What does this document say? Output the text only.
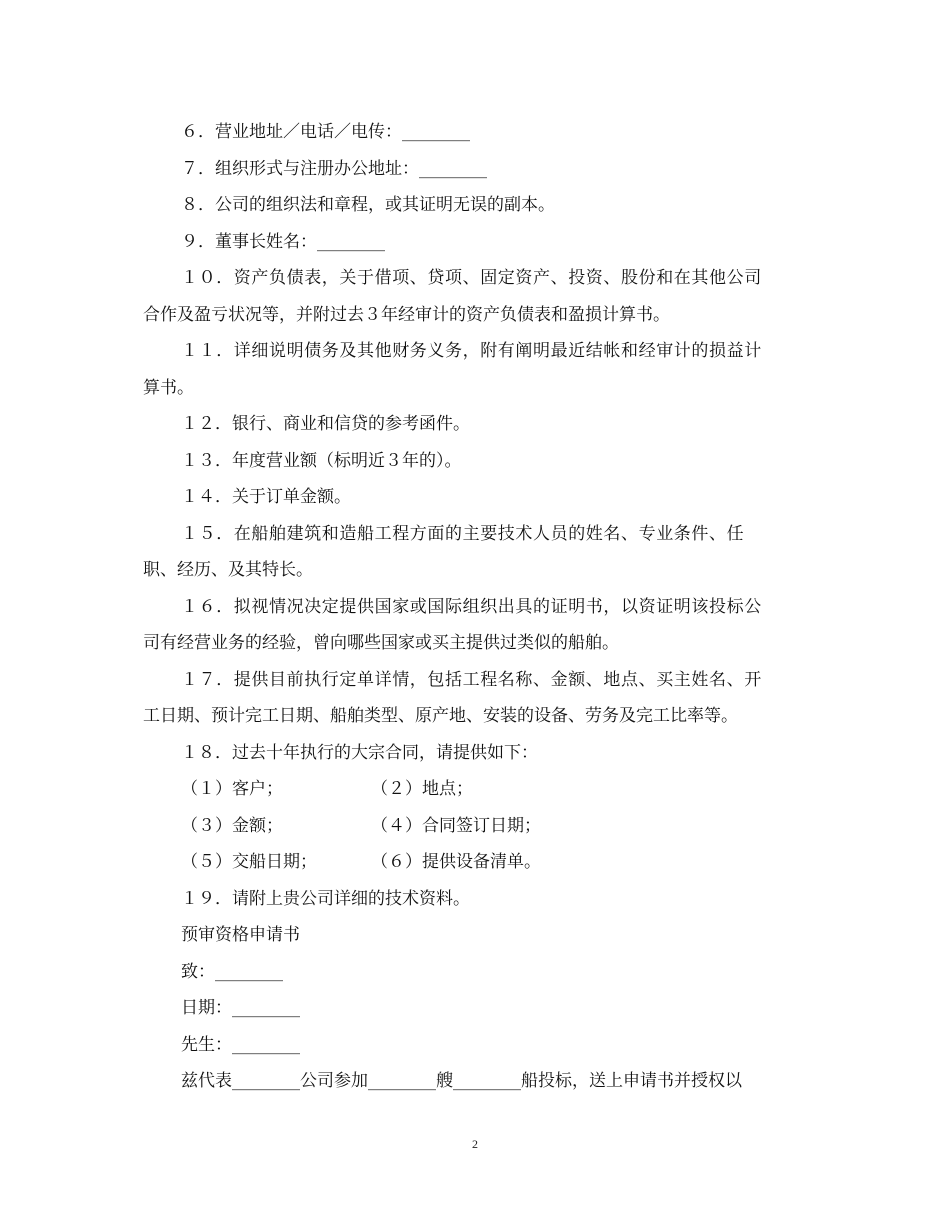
６．营业地址／电话／电传：________
７．组织形式与注册办公地址：________
８．公司的组织法和章程，或其证明无误的副本。
９．董事长姓名：________
１０．资产负债表，关于借项、贷项、固定资产、投资、股份和在其他公司
合作及盈亏状况等，并附过去３年经审计的资产负债表和盈损计算书。
１１．详细说明债务及其他财务义务，附有阐明最近结帐和经审计的损益计
算书。
１２．银行、商业和信贷的参考函件。
１３．年度营业额（标明近３年的）。
１４．关于订单金额。
１５．在船舶建筑和造船工程方面的主要技术人员的姓名、专业条件、任
职、经历、及其特长。
１６．拟视情况决定提供国家或国际组织出具的证明书，以资证明该投标公
司有经营业务的经验，曾向哪些国家或买主提供过类似的船舶。
１７．提供目前执行定单详情，包括工程名称、金额、地点、买主姓名、开
工日期、预计完工日期、船舶类型、原产地、安装的设备、劳务及完工比率等。
１８．过去十年执行的大宗合同，请提供如下：
（１）客户；	（２）地点；
（３）金额；	（４）合同签订日期；
（５）交船日期；	（６）提供设备清单。
１９．请附上贵公司详细的技术资料。
预审资格申请书
致：________
日期：________
先生：________
兹代表________公司参加________艘________船投标，送上申请书并授权以
2
